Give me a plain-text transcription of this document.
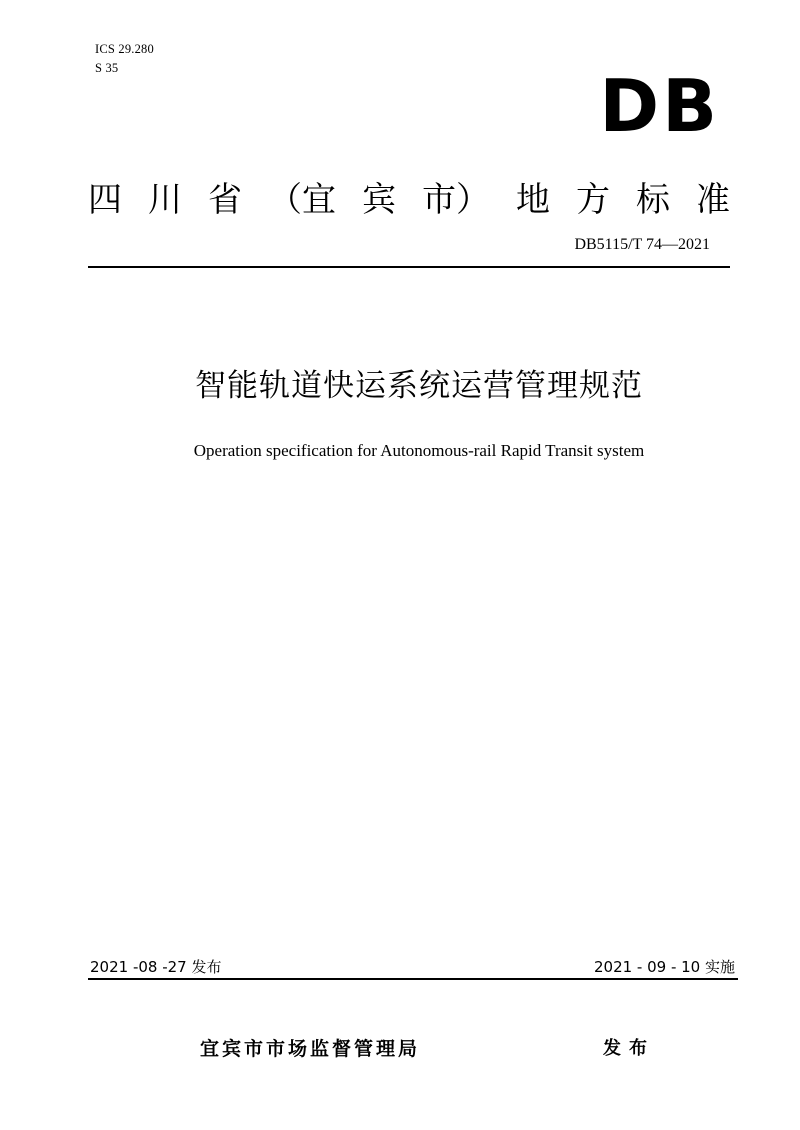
ICS 29.280
S 35	DB
四 川 省 （宜 宾 市） 地 方 标 准
DB5115/T 74—2021
智能轨道快运系统运营管理规范
Operation specification for Autonomous-rail Rapid Transit system
2021 -08 -27 发布	2021 - 09 - 10 实施
宜宾市市场监督管理局	发布
